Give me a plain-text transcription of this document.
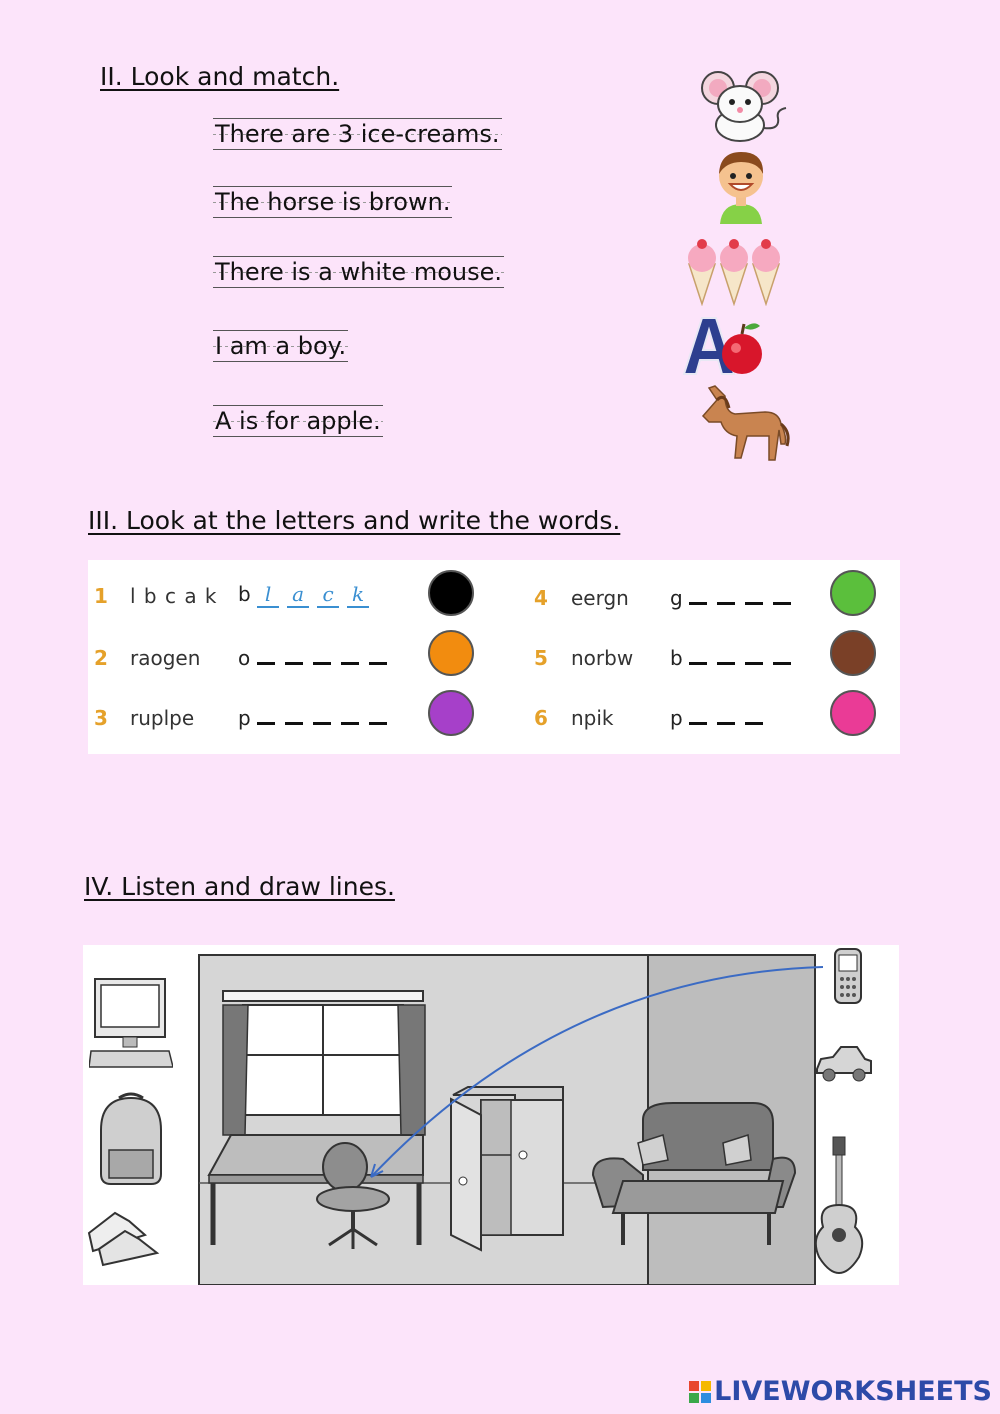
II. Look and match.
There are 3 ice-creams.
The horse is brown.
There is a white mouse.
I am a boy.
A is for apple.
III. Look at the letters and write the words.
1 l b c a k b l a c k
2 raogen o
3 ruplpe p
4 eergn g
5 norbw b
6 npik	p
IV. Listen and draw lines.
LIVEWORKSHEETS
